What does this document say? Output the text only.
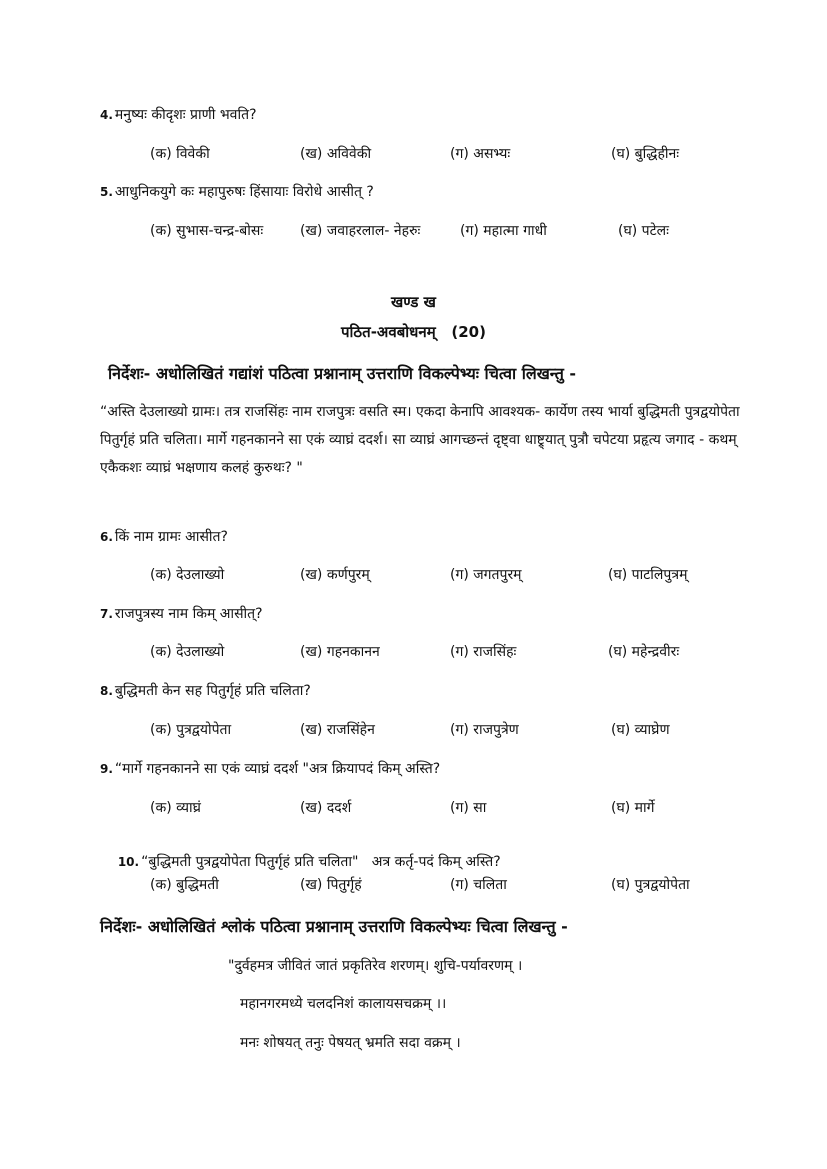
4. मनुष्यः कीदृशः प्राणी भवति?
(क) विवेकी	(ख) अविवेकी	(ग) असभ्यः	(घ) बुद्धिहीनः
5. आधुनिकयुगे कः महापुरुषः हिंसायाः विरोधे आसीत् ?
(क) सुभास-चन्द्र-बोसः	(ख) जवाहरलाल- नेहरुः	(ग) महात्मा गाधी	(घ) पटेलः
खण्ड ख
पठित-अवबोधनम्   (20)
निर्देशः- अधोलिखितं गद्यांशं पठित्वा प्रश्नानाम् उत्तराणि विकल्पेभ्यः चित्वा लिखन्तु -
“अस्ति देउलाख्यो ग्रामः। तत्र राजसिंहः नाम राजपुत्रः वसति स्म। एकदा केनापि आवश्यक- कार्येण तस्य भार्या बुद्धिमती पुत्रद्वयोपेता पितुर्गृहं प्रति चलिता। मार्गे गहनकानने सा एकं व्याघ्रं ददर्श। सा व्याघ्रं आगच्छन्तं दृष्ट्वा धाष्ट्र्यात् पुत्रौ चपेटया प्रहृत्य जगाद - कथम् एकैकशः व्याघ्रं भक्षणाय कलहं कुरुथः? "
6. किं नाम ग्रामः आसीत?
(क) देउलाख्यो	(ख) कर्णपुरम्	(ग) जगतपुरम्	(घ) पाटलिपुत्रम्
7. राजपुत्रस्य नाम किम् आसीत्?
(क) देउलाख्यो	(ख) गहनकानन	(ग) राजसिंहः	(घ) महेन्द्रवीरः
8. बुद्धिमती केन सह पितुर्गृहं प्रति चलिता?
(क) पुत्रद्वयोपेता	(ख) राजसिंहेन	(ग) राजपुत्रेण	(घ) व्याघ्रेण
9. “मार्गे गहनकानने सा एकं व्याघ्रं ददर्श "अत्र क्रियापदं किम् अस्ति?
(क) व्याघ्रं	(ख) ददर्श	(ग) सा	(घ) मार्गे

10. “बुद्धिमती पुत्रद्वयोपेता पितुर्गृहं प्रति चलिता"   अत्र कर्तृ-पदं किम् अस्ति?

(क) बुद्धिमती	(ख) पितुर्गृहं	(ग) चलिता	(घ) पुत्रद्वयोपेता
निर्देशः- अधोलिखितं श्लोकं पठित्वा प्रश्नानाम् उत्तराणि विकल्पेभ्यः चित्वा लिखन्तु -
"दुर्वहमत्र जीवितं जातं प्रकृतिरेव शरणम्। शुचि-पर्यावरणम् ।
महानगरमध्ये चलदनिशं कालायसचक्रम् ।।
मनः शोषयत् तनुः पेषयत् भ्रमति सदा वक्रम् ।
